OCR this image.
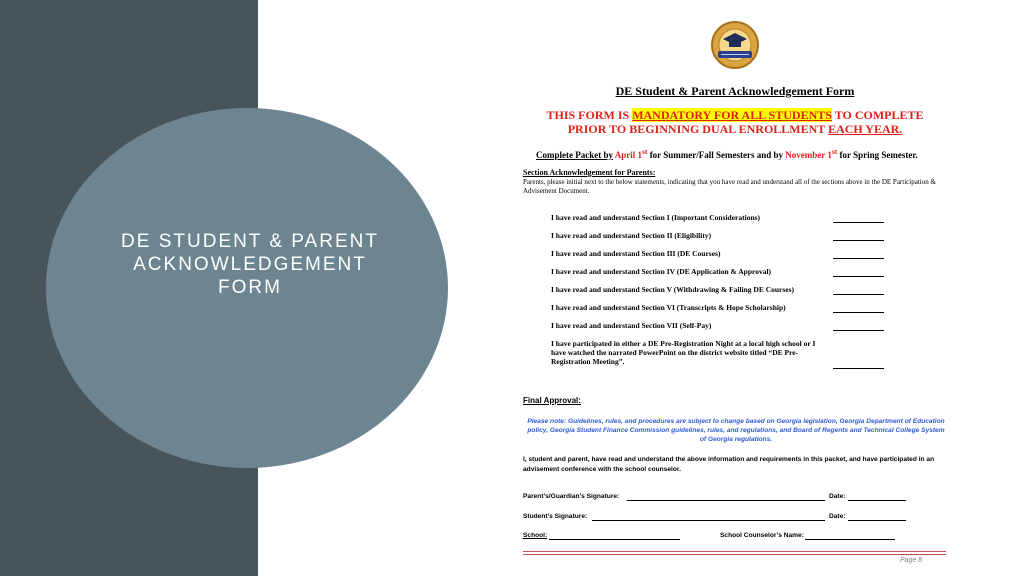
DE STUDENT & PARENT ACKNOWLEDGEMENT FORM
DE Student & Parent Acknowledgement Form
THIS FORM IS MANDATORY FOR ALL STUDENTS TO COMPLETE
PRIOR TO BEGINNING DUAL ENROLLMENT EACH YEAR.
Complete Packet by April 1st for Summer/Fall Semesters and by November 1st for Spring Semester.
Section Acknowledgement for Parents:
Parents, please initial next to the below statements, indicating that you have read and understand all of the sections above in the DE Participation & Advisement Document.
I have read and understand Section I (Important Considerations)
I have read and understand Section II (Eligibility)
I have read and understand Section III (DE Courses)
I have read and understand Section IV (DE Application & Approval)
I have read and understand Section V (Withdrawing & Failing DE Courses)
I have read and understand Section VI (Transcripts & Hope Scholarship)
I have read and understand Section VII (Self-Pay)
I have participated in either a DE Pre-Registration Night at a local high school or I have watched the narrated PowerPoint on the district website titled “DE Pre-Registration Meeting”.
Final Approval:
Please note: Guidelines, rules, and procedures are subject to change based on Georgia legislation, Georgia Department of Education policy, Georgia Student Finance Commission guidelines, rules, and regulations, and Board of Regents and Technical College System of Georgia regulations.
I, student and parent, have read and understand the above information and requirements in this packet, and have participated in an advisement conference with the school counselor.
Parent’s/Guardian’s Signature:	Date:
Student’s Signature:	Date:
School:	School Counselor’s Name:
Page 8
